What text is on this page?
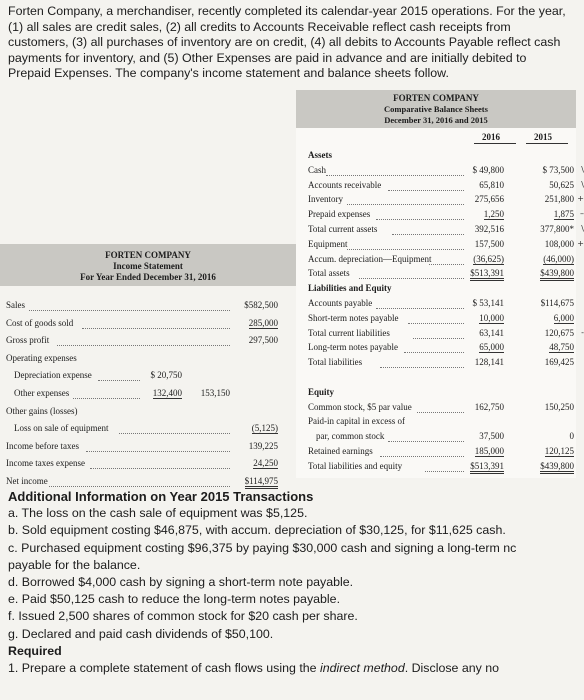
Forten Company, a merchandiser, recently completed its calendar-year 2015 operations. For the year, (1) all sales are credit sales, (2) all credits to Accounts Receivable reflect cash receipts from customers, (3) all purchases of inventory are on credit, (4) all debits to Accounts Payable reflect cash payments for inventory, and (5) Other Expenses are paid in advance and are initially debited to Prepaid Expenses. The company's income statement and balance sheets follow.
FORTEN COMPANY
Comparative Balance Sheets
December 31, 2016 and 2015
2016	2015
Assets
Cash	$ 49,800	$ 73,500 \
Accounts receivable	65,810	50,625 \
Inventory	275,656	251,800 +
Prepaid expenses	1,250	1,875 –
Total current assets	392,516	377,800* \
Equipment	157,500	108,000 +
Accum. depreciation—Equipment	(36,625)	(46,000)
Total assets	$513,391	$439,800
Liabilities and Equity
Accounts payable	$ 53,141	$114,675
Short-term notes payable	10,000	6,000
Total current liabilities	63,141	120,675 -
Long-term notes payable	65,000	48,750
Total liabilities	128,141	169,425
Equity
Common stock, $5 par value	162,750	150,250
Paid-in capital in excess of
par, common stock	37,500	0
Retained earnings	185,000	120,125
Total liabilities and equity	$513,391	$439,800
FORTEN COMPANY
Income Statement
For Year Ended December 31, 2016
Sales	$582,500
Cost of goods sold	285,000
Gross profit	297,500
Operating expenses
Depreciation expense	$ 20,750
Other expenses	132,400 153,150
Other gains (losses)
Loss on sale of equipment	(5,125)
Income before taxes	139,225
Income taxes expense	24,250
Net income	$114,975
Additional Information on Year 2015 Transactions
a. The loss on the cash sale of equipment was $5,125.
b. Sold equipment costing $46,875, with accum. depreciation of $30,125, for $11,625 cash.
c. Purchased equipment costing $96,375 by paying $30,000 cash and signing a long-term nc
payable for the balance.
d. Borrowed $4,000 cash by signing a short-term note payable.
e. Paid $50,125 cash to reduce the long-term notes payable.
f. Issued 2,500 shares of common stock for $20 cash per share.
g. Declared and paid cash dividends of $50,100.
Required
1. Prepare a complete statement of cash flows using the indirect method. Disclose any no
